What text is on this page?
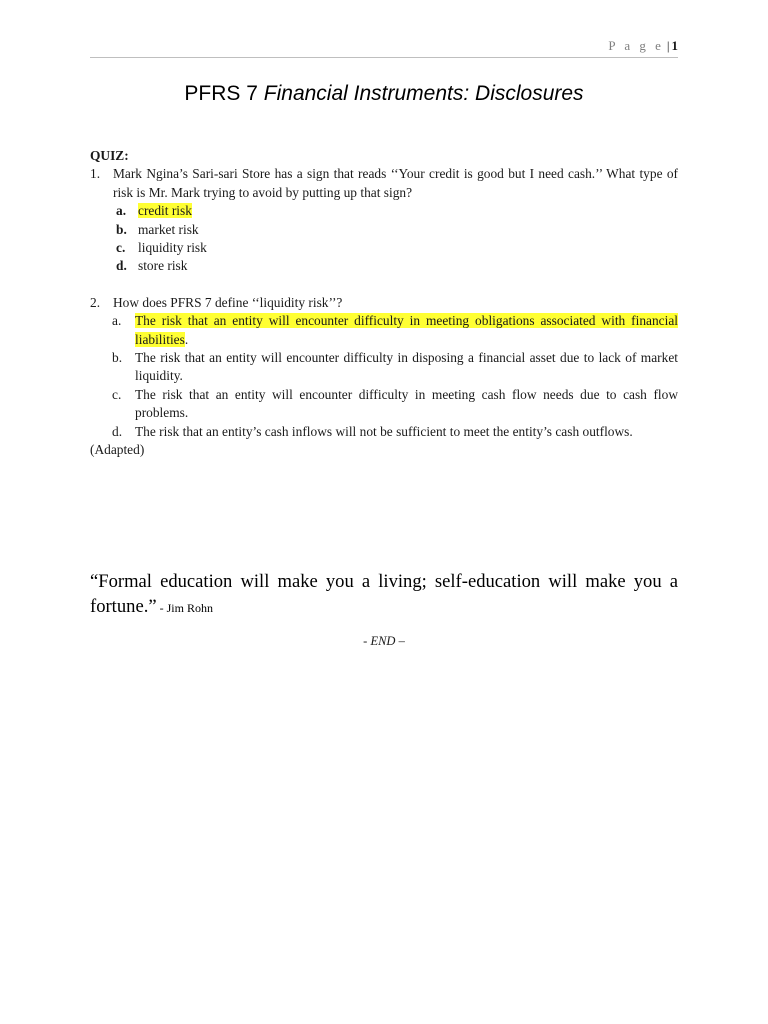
P a g e | 1
PFRS 7 Financial Instruments: Disclosures
QUIZ:
1. Mark Ngina’s Sari-sari Store has a sign that reads ‘‘Your credit is good but I need cash.’’ What type of risk is Mr. Mark trying to avoid by putting up that sign?
a. credit risk
b. market risk
c. liquidity risk
d. store risk
2. How does PFRS 7 define ‘‘liquidity risk’’?
a.	The risk that an entity will encounter difficulty in meeting obligations associated with financial liabilities.
b. The risk that an entity will encounter difficulty in disposing a financial asset due to lack of market liquidity.
c.	The risk that an entity will encounter difficulty in meeting cash flow needs due to cash flow problems.
d. The risk that an entity’s cash inflows will not be sufficient to meet the entity’s cash outflows.
(Adapted)
“Formal education will make you a living; self-education will make you a fortune.” - Jim Rohn
- END –
